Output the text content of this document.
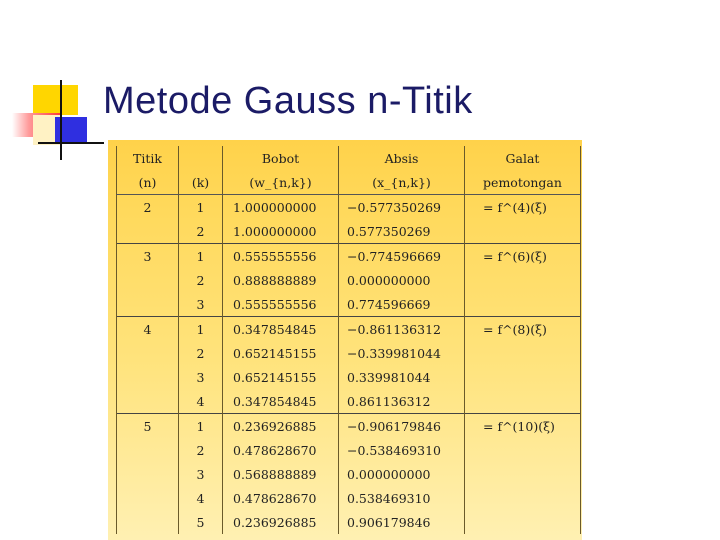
Metode Gauss n-Titik
Titik		Bobot	Absis	Galat
(n)	(k)	(w_{n,k})	(x_{n,k})	pemotongan

2	1	1.000000000	−0.577350269	= f^(4)(ξ)
	2	1.000000000	0.577350269	

3	1	0.555555556	−0.774596669	= f^(6)(ξ)
	2	0.888888889	0.000000000	
	3	0.555555556	0.774596669	

4	1	0.347854845	−0.861136312	= f^(8)(ξ)
	2	0.652145155	−0.339981044	
	3	0.652145155	0.339981044	
	4	0.347854845	0.861136312	

5	1	0.236926885	−0.906179846	= f^(10)(ξ)
	2	0.478628670	−0.538469310	
	3	0.568888889	0.000000000	
	4	0.478628670	0.538469310	
	5	0.236926885	0.906179846	
